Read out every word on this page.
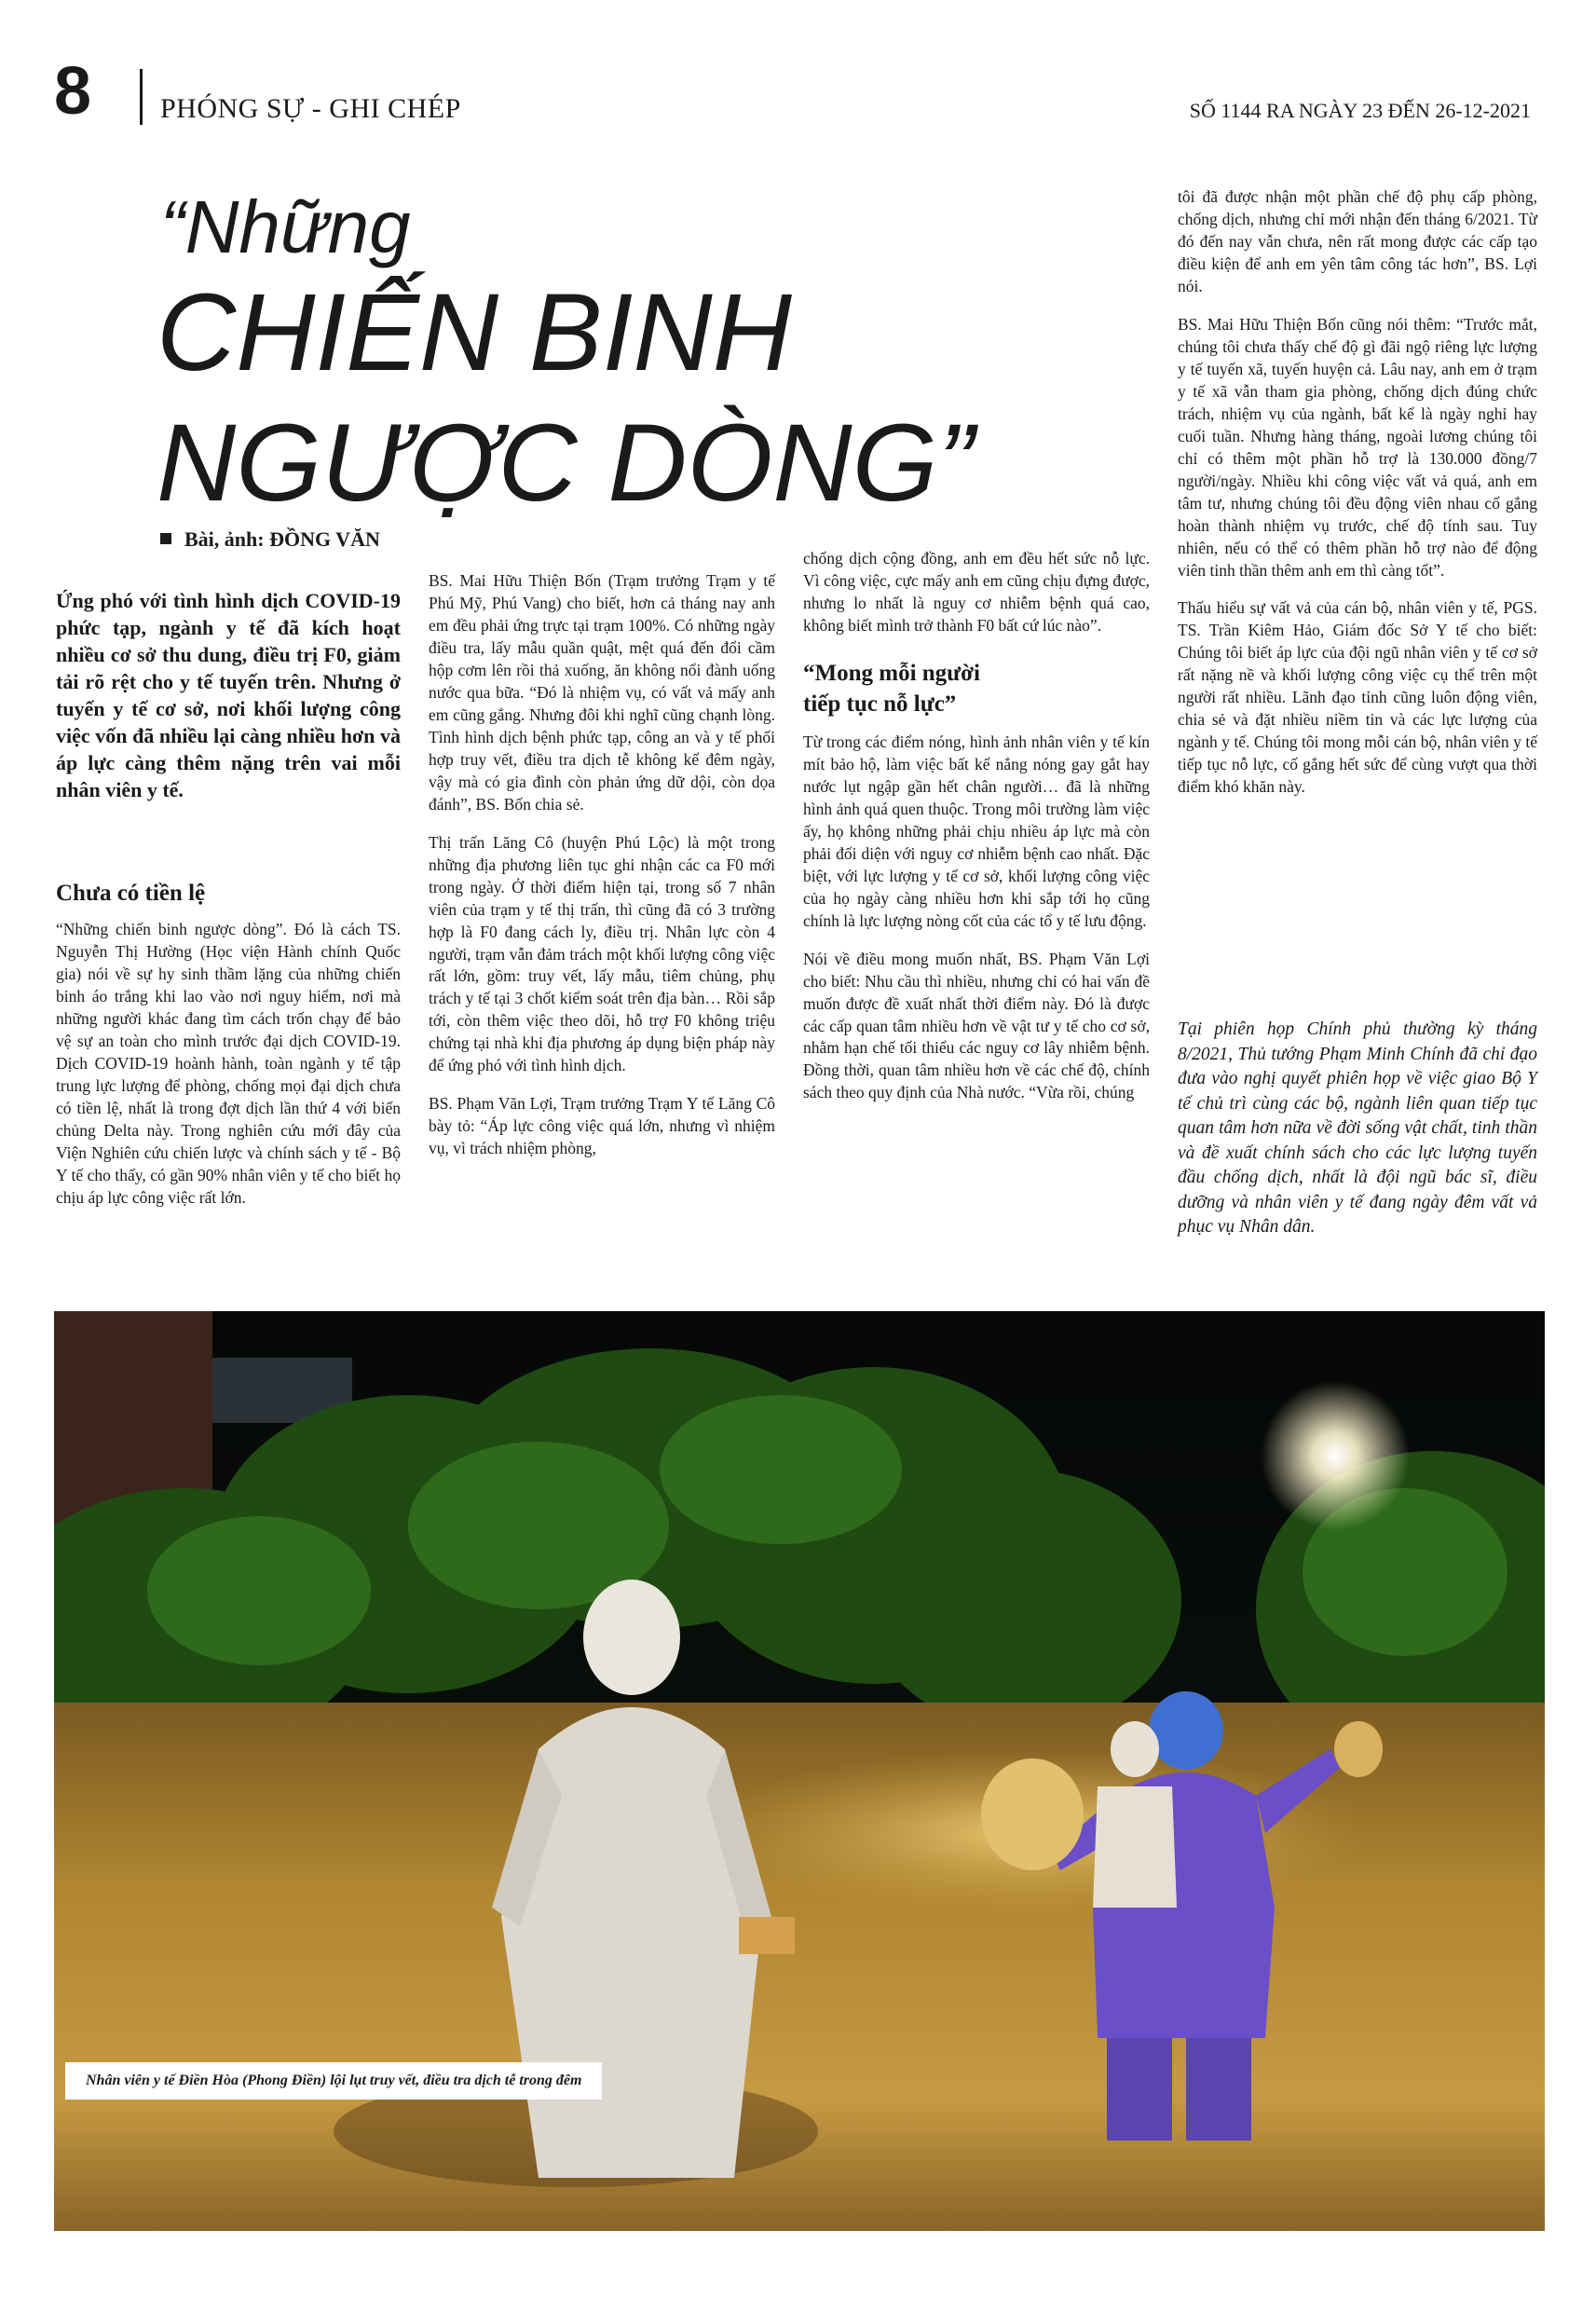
8 PHÓNG SỰ - GHI CHÉP	SỐ 1144 RA NGÀY 23 ĐẾN 26-12-2021
“Những
CHIẾN BINH
NGƯỢC DÒNG”
Bài, ảnh: ĐỒNG VĂN
Ứng phó với tình hình dịch COVID-19 phức tạp, ngành y tế đã kích hoạt nhiều cơ sở thu dung, điều trị F0, giảm tải rõ rệt cho y tế tuyến trên. Nhưng ở tuyến y tế cơ sở, nơi khối lượng công việc vốn đã nhiều lại càng nhiều hơn và áp lực càng thêm nặng trên vai mỗi nhân viên y tế.

Chưa có tiền lệ

“Những chiến binh ngược dòng”. Đó là cách TS. Nguyễn Thị Hường (Học viện Hành chính Quốc gia) nói về sự hy sinh thầm lặng của những chiến binh áo trắng khi lao vào nơi nguy hiểm, nơi mà những người khác đang tìm cách trốn chạy để bảo vệ sự an toàn cho mình trước đại dịch COVID-19. Dịch COVID-19 hoành hành, toàn ngành y tế tập trung lực lượng để phòng, chống mọi đại dịch chưa có tiền lệ, nhất là trong đợt dịch lần thứ 4 với biến chủng Delta này. Trong nghiên cứu mới đây của Viện Nghiên cứu chiến lược và chính sách y tế - Bộ Y tế cho thấy, có gần 90% nhân viên y tế cho biết họ chịu áp lực công việc rất lớn.

BS. Mai Hữu Thiện Bốn (Trạm trưởng Trạm y tế Phú Mỹ, Phú Vang) cho biết, hơn cả tháng nay anh em đều phải ứng trực tại trạm 100%. Có những ngày điều tra, lấy mẫu quần quật, mệt quá đến đổi cầm hộp cơm lên rồi thả xuống, ăn không nổi đành uống nước qua bữa. “Đó là nhiệm vụ, có vất vả mấy anh em cũng gắng. Nhưng đôi khi nghĩ cũng chạnh lòng. Tình hình dịch bệnh phức tạp, công an và y tế phối hợp truy vết, điều tra dịch tễ không kể đêm ngày, vậy mà có gia đình còn phản ứng dữ dội, còn dọa đánh”, BS. Bốn chia sẻ.

Thị trấn Lăng Cô (huyện Phú Lộc) là một trong những địa phương liên tục ghi nhận các ca F0 mới trong ngày. Ở thời điểm hiện tại, trong số 7 nhân viên của trạm y tế thị trấn, thì cũng đã có 3 trường hợp là F0 đang cách ly, điều trị. Nhân lực còn 4 người, trạm vẫn đảm trách một khối lượng công việc rất lớn, gồm: truy vết, lấy mẫu, tiêm chủng, phụ trách y tế tại 3 chốt kiểm soát trên địa bàn… Rồi sắp tới, còn thêm việc theo dõi, hỗ trợ F0 không triệu chứng tại nhà khi địa phương áp dụng biện pháp này để ứng phó với tình hình dịch.

BS. Phạm Văn Lợi, Trạm trưởng Trạm Y tế Lăng Cô bày tỏ: “Áp lực công việc quá lớn, nhưng vì nhiệm vụ, vì trách nhiệm phòng,

chống dịch cộng đồng, anh em đều hết sức nỗ lực. Vì công việc, cực mấy anh em cũng chịu đựng được, nhưng lo nhất là nguy cơ nhiễm bệnh quá cao, không biết mình trở thành F0 bất cứ lúc nào”.

“Mong mỗi người
tiếp tục nỗ lực”

Từ trong các điểm nóng, hình ảnh nhân viên y tế kín mít bảo hộ, làm việc bất kể nắng nóng gay gắt hay nước lụt ngập gần hết chân người… đã là những hình ảnh quá quen thuộc. Trong môi trường làm việc ấy, họ không những phải chịu nhiều áp lực mà còn phải đối diện với nguy cơ nhiễm bệnh cao nhất. Đặc biệt, với lực lượng y tế cơ sở, khối lượng công việc của họ ngày càng nhiều hơn khi sắp tới họ cũng chính là lực lượng nòng cốt của các tổ y tế lưu động.

Nói về điều mong muốn nhất, BS. Phạm Văn Lợi cho biết: Nhu cầu thì nhiều, nhưng chỉ có hai vấn đề muốn được đề xuất nhất thời điểm này. Đó là được các cấp quan tâm nhiều hơn về vật tư y tế cho cơ sở, nhằm hạn chế tối thiểu các nguy cơ lây nhiễm bệnh. Đồng thời, quan tâm nhiều hơn về các chế độ, chính sách theo quy định của Nhà nước. “Vừa rồi, chúng

tôi đã được nhận một phần chế độ phụ cấp phòng, chống dịch, nhưng chỉ mới nhận đến tháng 6/2021. Từ đó đến nay vẫn chưa, nên rất mong được các cấp tạo điều kiện để anh em yên tâm công tác hơn”, BS. Lợi nói.

BS. Mai Hữu Thiện Bốn cũng nói thêm: “Trước mắt, chúng tôi chưa thấy chế độ gì đãi ngộ riêng lực lượng y tế tuyến xã, tuyến huyện cả. Lâu nay, anh em ở trạm y tế xã vẫn tham gia phòng, chống dịch đúng chức trách, nhiệm vụ của ngành, bất kể là ngày nghỉ hay cuối tuần. Nhưng hàng tháng, ngoài lương chúng tôi chỉ có thêm một phần hỗ trợ là 130.000 đồng/7 người/ngày. Nhiều khi công việc vất vả quá, anh em tâm tư, nhưng chúng tôi đều động viên nhau cố gắng hoàn thành nhiệm vụ trước, chế độ tính sau. Tuy nhiên, nếu có thể có thêm phần hỗ trợ nào để động viên tinh thần thêm anh em thì càng tốt”.

Thấu hiểu sự vất vả của cán bộ, nhân viên y tế, PGS. TS. Trần Kiêm Hảo, Giám đốc Sở Y tế cho biết: Chúng tôi biết áp lực của đội ngũ nhân viên y tế cơ sở rất nặng nề và khối lượng công việc cụ thể trên một người rất nhiều. Lãnh đạo tỉnh cũng luôn động viên, chia sẻ và đặt nhiều niềm tin và các lực lượng của ngành y tế. Chúng tôi mong mỗi cán bộ, nhân viên y tế tiếp tục nỗ lực, cố gắng hết sức để cùng vượt qua thời điểm khó khăn này.

Tại phiên họp Chính phủ thường kỳ tháng 8/2021, Thủ tướng Phạm Minh Chính đã chỉ đạo đưa vào nghị quyết phiên họp về việc giao Bộ Y tế chủ trì cùng các bộ, ngành liên quan tiếp tục quan tâm hơn nữa về đời sống vật chất, tinh thần và đề xuất chính sách cho các lực lượng tuyến đầu chống dịch, nhất là đội ngũ bác sĩ, điều dưỡng và nhân viên y tế đang ngày đêm vất vả phục vụ Nhân dân.

Nhân viên y tế Điền Hòa (Phong Điền) lội lụt truy vết, điều tra dịch tễ trong đêm
